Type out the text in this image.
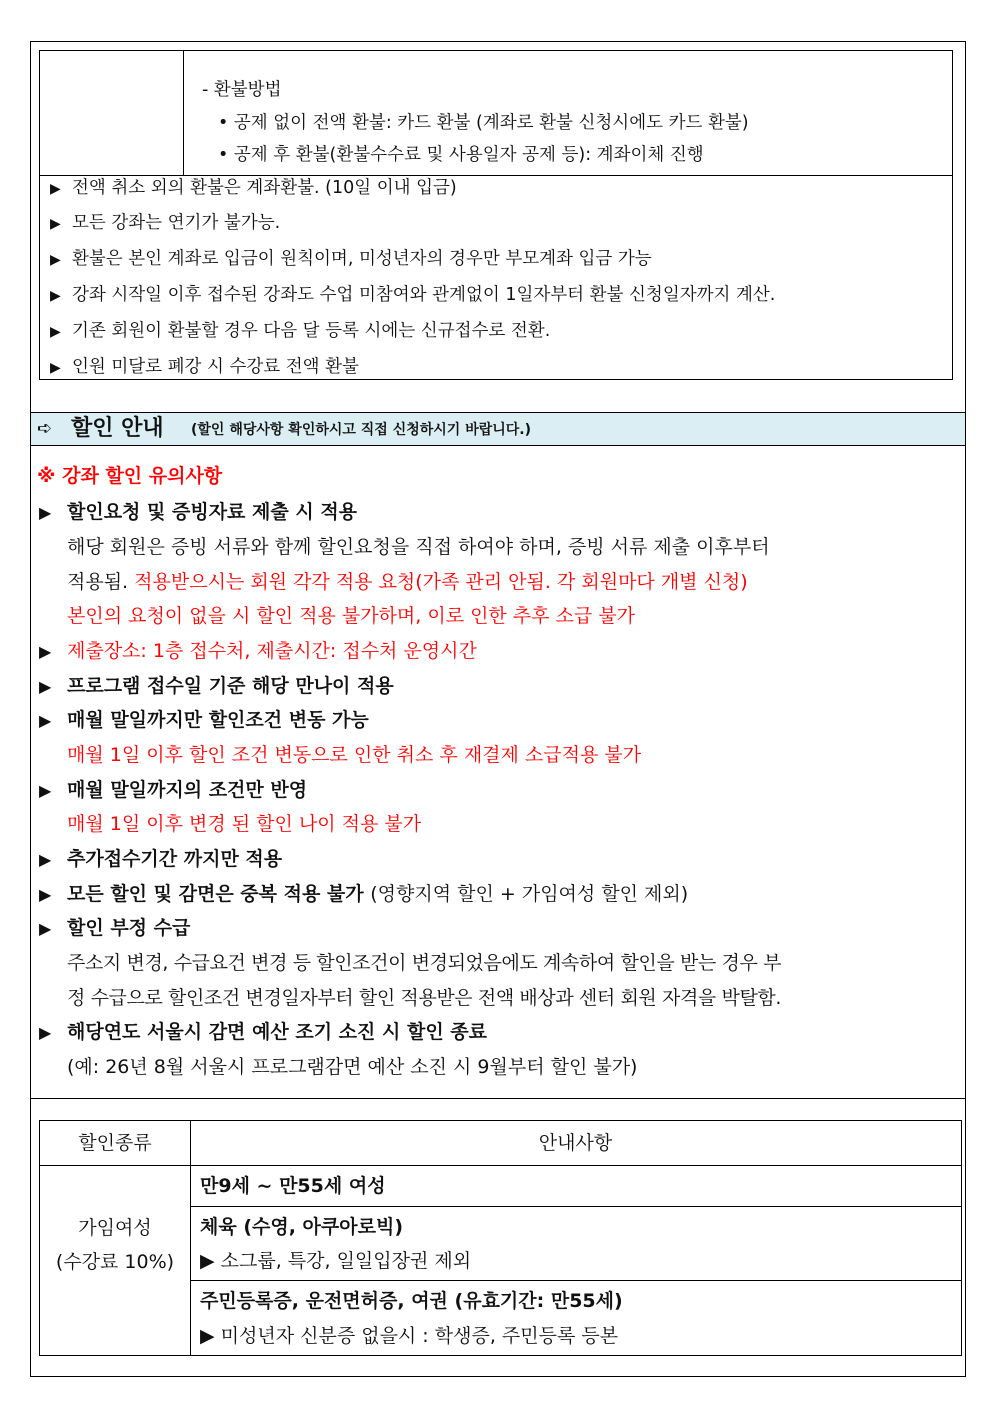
- 환불방법
• 공제 없이 전액 환불: 카드 환불 (계좌로 환불 신청시에도 카드 환불)
• 공제 후 환불(환불수수료 및 사용일자 공제 등): 계좌이체 진행
▶ 전액 취소 외의 환불은 계좌환불. (10일 이내 입금)
▶ 모든 강좌는 연기가 불가능.
▶ 환불은 본인 계좌로 입금이 원칙이며, 미성년자의 경우만 부모계좌 입금 가능
▶ 강좌 시작일 이후 접수된 강좌도 수업 미참여와 관계없이 1일자부터 환불 신청일자까지 계산.
▶ 기존 회원이 환불할 경우 다음 달 등록 시에는 신규접수로 전환.
▶ 인원 미달로 폐강 시 수강료 전액 환불
➪ 할인 안내 (할인 해당사항 확인하시고 직접 신청하시기 바랍니다.)
※ 강좌 할인 유의사항
▶ 할인요청 및 증빙자료 제출 시 적용
해당 회원은 증빙 서류와 함께 할인요청을 직접 하여야 하며, 증빙 서류 제출 이후부터
적용됨. 적용받으시는 회원 각각 적용 요청(가족 관리 안됨. 각 회원마다 개별 신청)
본인의 요청이 없을 시 할인 적용 불가하며, 이로 인한 추후 소급 불가
▶ 제출장소: 1층 접수처, 제출시간: 접수처 운영시간
▶ 프로그램 접수일 기준 해당 만나이 적용
▶ 매월 말일까지만 할인조건 변동 가능
매월 1일 이후 할인 조건 변동으로 인한 취소 후 재결제 소급적용 불가
▶ 매월 말일까지의 조건만 반영
매월 1일 이후 변경 된 할인 나이 적용 불가
▶ 추가접수기간 까지만 적용
▶ 모든 할인 및 감면은 중복 적용 불가 (영향지역 할인 + 가임여성 할인 제외)
▶ 할인 부정 수급
주소지 변경, 수급요건 변경 등 할인조건이 변경되었음에도 계속하여 할인을 받는 경우 부
정 수급으로 할인조건 변경일자부터 할인 적용받은 전액 배상과 센터 회원 자격을 박탈함.
▶ 해당연도 서울시 감면 예산 조기 소진 시 할인 종료
(예: 26년 8월 서울시 프로그램감면 예산 소진 시 9월부터 할인 불가)
할인종류	안내사항
가임여성
(수강료 10%)
만9세 ~ 만55세 여성
체육 (수영, 아쿠아로빅)
▶ 소그룹, 특강, 일일입장권 제외
주민등록증, 운전면허증, 여권 (유효기간: 만55세)
▶ 미성년자 신분증 없을시 : 학생증, 주민등록 등본
